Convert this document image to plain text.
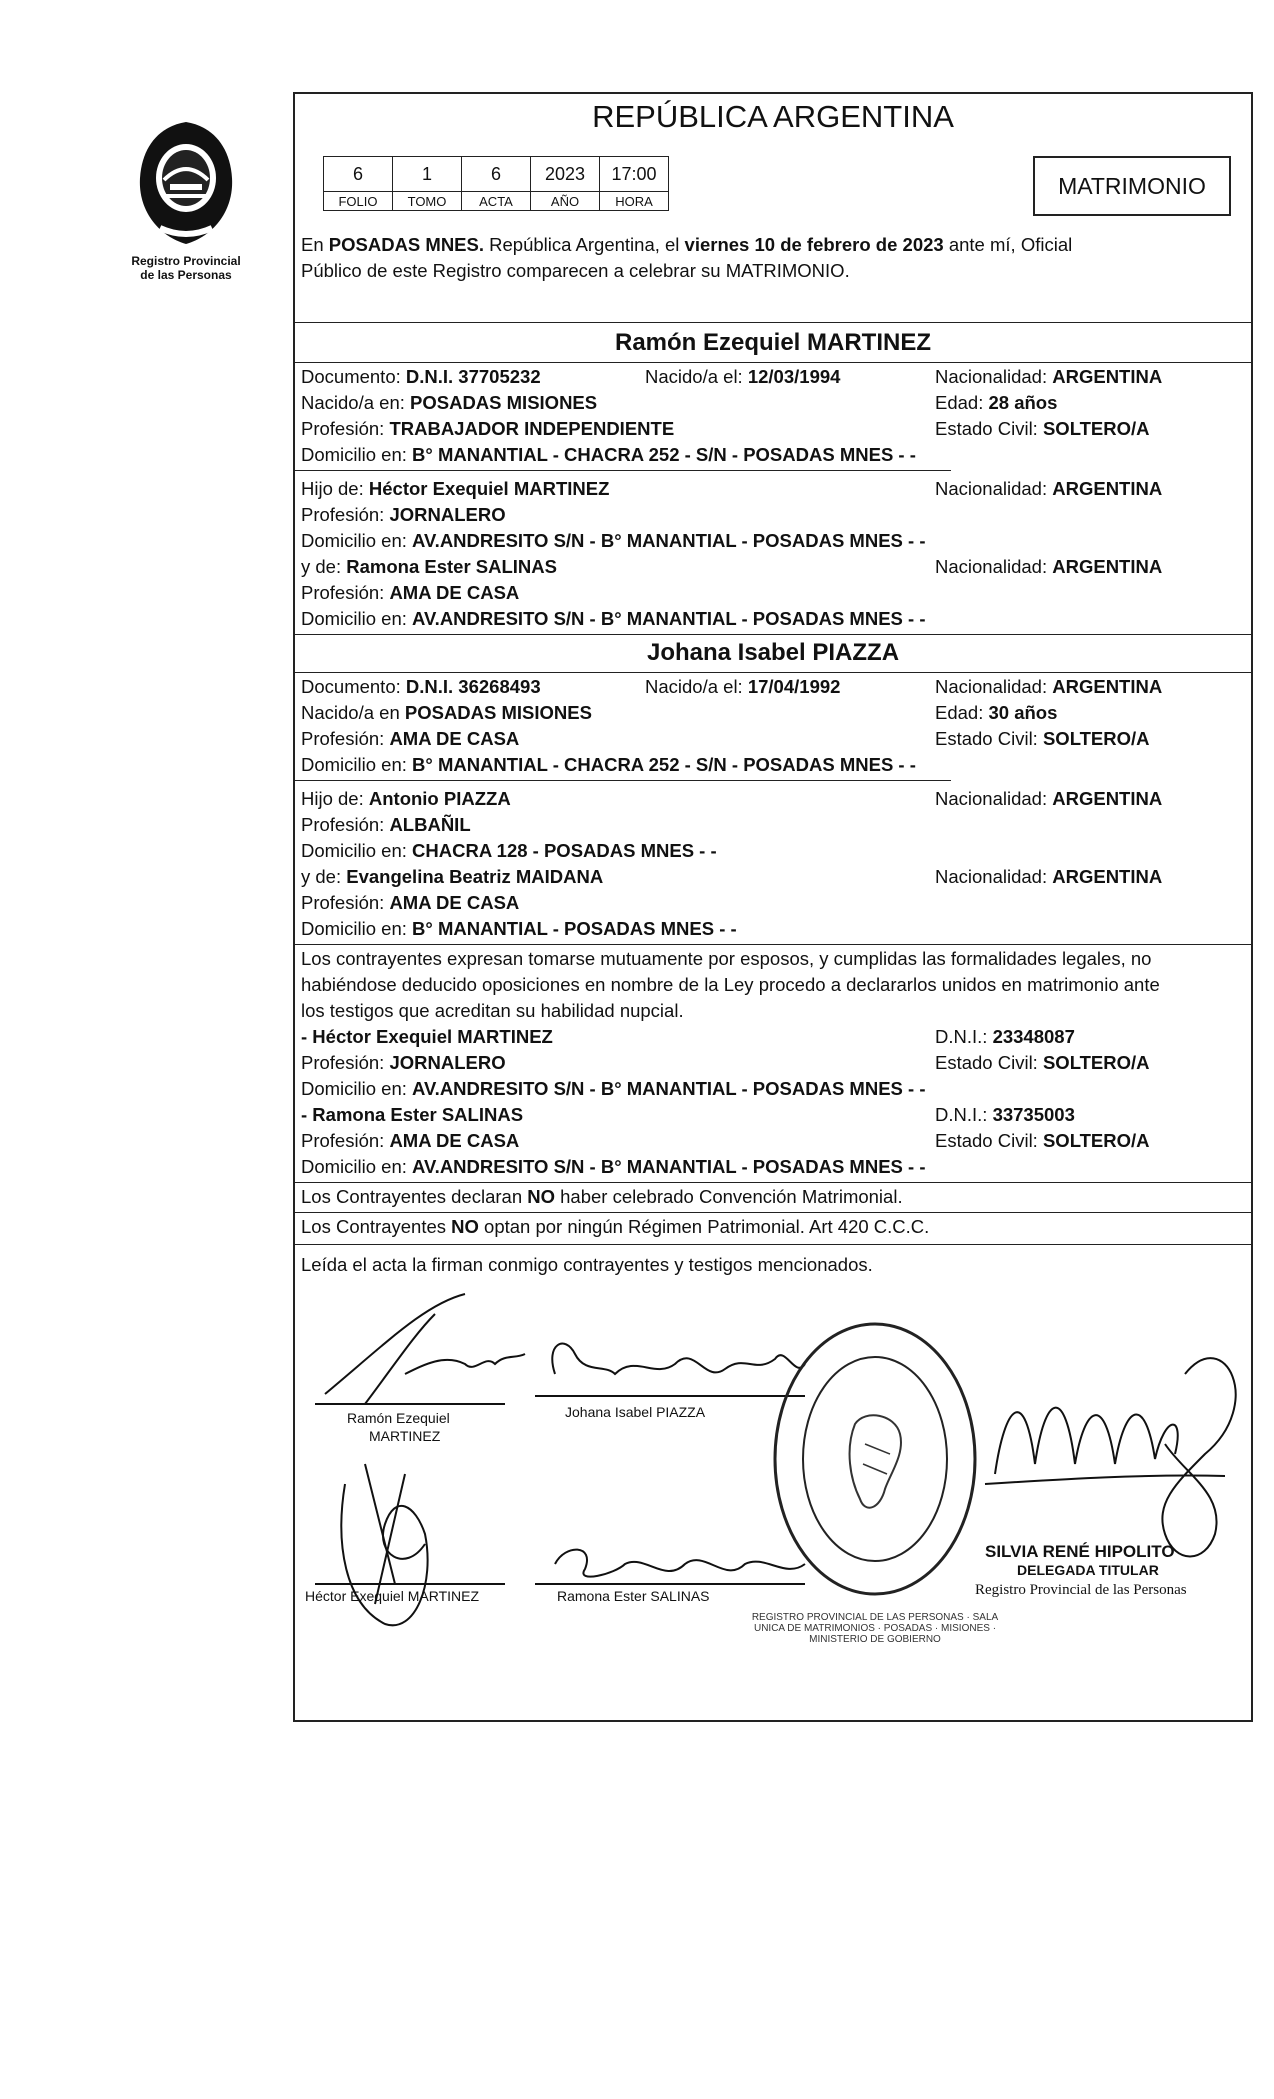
Registro Provincial
de las Personas
REPÚBLICA ARGENTINA
6	1	6	2023	17:00
FOLIO	TOMO	ACTA	AÑO	HORA
MATRIMONIO
En POSADAS MNES. República Argentina, el viernes 10 de febrero de 2023 ante mí, Oficial
Público de este Registro comparecen a celebrar su MATRIMONIO.
Ramón Ezequiel MARTINEZ
Documento: D.N.I. 37705232	Nacido/a el: 12/03/1994	Nacionalidad: ARGENTINA
Nacido/a en: POSADAS MISIONES	Edad: 28 años
Profesión: TRABAJADOR INDEPENDIENTE	Estado Civil: SOLTERO/A
Domicilio en: B° MANANTIAL - CHACRA 252 - S/N - POSADAS MNES - -
Hijo de: Héctor Exequiel MARTINEZ	Nacionalidad: ARGENTINA
Profesión: JORNALERO
Domicilio en: AV.ANDRESITO S/N - B° MANANTIAL - POSADAS MNES - -
y de: Ramona Ester SALINAS	Nacionalidad: ARGENTINA
Profesión: AMA DE CASA
Domicilio en: AV.ANDRESITO S/N - B° MANANTIAL - POSADAS MNES - -
Johana Isabel PIAZZA
Documento: D.N.I. 36268493	Nacido/a el: 17/04/1992	Nacionalidad: ARGENTINA
Nacido/a en POSADAS MISIONES	Edad: 30 años
Profesión: AMA DE CASA	Estado Civil: SOLTERO/A
Domicilio en: B° MANANTIAL - CHACRA 252 - S/N - POSADAS MNES - -
Hijo de: Antonio PIAZZA	Nacionalidad: ARGENTINA
Profesión: ALBAÑIL
Domicilio en: CHACRA 128 - POSADAS MNES - -
y de: Evangelina Beatriz MAIDANA	Nacionalidad: ARGENTINA
Profesión: AMA DE CASA
Domicilio en: B° MANANTIAL - POSADAS MNES - -
Los contrayentes expresan tomarse mutuamente por esposos, y cumplidas las formalidades legales, no
habiéndose deducido oposiciones en nombre de la Ley procedo a declararlos unidos en matrimonio ante
los testigos que acreditan su habilidad nupcial.
- Héctor Exequiel MARTINEZ	D.N.I.: 23348087
Profesión: JORNALERO	Estado Civil: SOLTERO/A
Domicilio en: AV.ANDRESITO S/N - B° MANANTIAL - POSADAS MNES - -
- Ramona Ester SALINAS	D.N.I.: 33735003
Profesión: AMA DE CASA	Estado Civil: SOLTERO/A
Domicilio en: AV.ANDRESITO S/N - B° MANANTIAL - POSADAS MNES - -
Los Contrayentes declaran NO haber celebrado Convención Matrimonial.
Los Contrayentes NO optan por ningún Régimen Patrimonial. Art 420 C.C.C.
Leída el acta la firman conmigo contrayentes y testigos mencionados.
Ramón Ezequiel
MARTINEZ
Johana Isabel PIAZZA
Héctor Exequiel MARTINEZ	Ramona Ester SALINAS
REGISTRO PROVINCIAL DE LAS PERSONAS · SALA UNICA DE MATRIMONIOS · POSADAS · MISIONES · MINISTERIO DE GOBIERNO
SILVIA RENÉ HIPOLITO
DELEGADA TITULAR
Registro Provincial de las Personas
